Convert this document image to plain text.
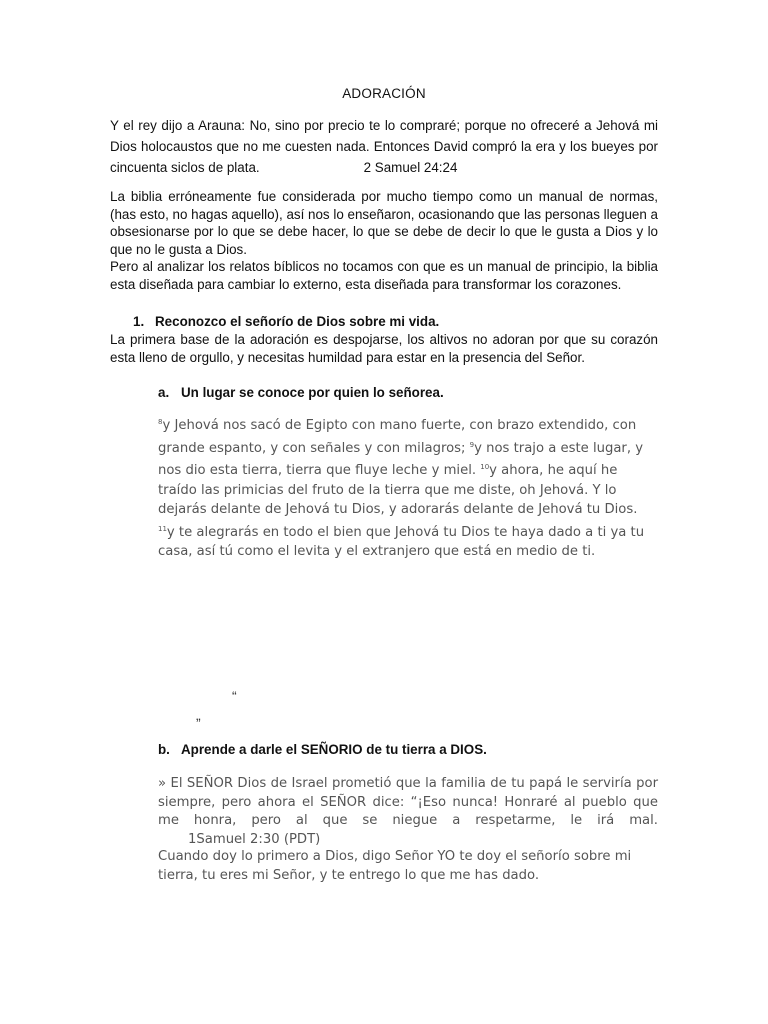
ADORACIÓN
Y el rey dijo a Arauna: No, sino por precio te lo compraré; porque no ofreceré a Jehová mi Dios holocaustos que no me cuesten nada. Entonces David compró la era y los bueyes por cincuenta siclos de plata.	2 Samuel 24:24

La biblia erróneamente fue considerada por mucho tiempo como un manual de normas, (has esto, no hagas aquello), así nos lo enseñaron, ocasionando que las personas lleguen a obsesionarse por lo que se debe hacer, lo que se debe de decir lo que le gusta a Dios y lo que no le gusta a Dios.

Pero al analizar los relatos bíblicos no tocamos con que es un manual de principio, la biblia esta diseñada para cambiar lo externo, esta diseñada para transformar los corazones.

1. Reconozco el señorío de Dios sobre mi vida.
La primera base de la adoración es despojarse, los altivos no adoran por que su corazón esta lleno de orgullo, y necesitas humildad para estar en la presencia del Señor.
a. Un lugar se conoce por quien lo señorea.
$^8$y Jehová nos sacó de Egipto con mano fuerte, con brazo extendido, con grande espanto, y con señales y con milagros; $^9$y nos trajo a este lugar, y nos dio esta tierra, tierra que fluye leche y miel. $^{10}$y ahora, he aquí he traído las primicias del fruto de la tierra que me diste, oh Jehová. Y lo dejarás delante de Jehová tu Dios, y adorarás delante de Jehová tu Dios. $^{11}$y te alegrarás en todo el bien que Jehová tu Dios te haya dado a ti ya tu casa, así tú como el levita y el extranjero que está en medio de ti.
“
„
b. Aprende a darle el SEÑORIO de tu tierra a DIOS.
» El SEÑOR Dios de Israel prometió que la familia de tu papá le serviría por siempre, pero ahora el SEÑOR dice: “¡Eso nunca! Honraré al pueblo que me honra, pero al que se niegue a respetarme, le irá mal.1Samuel 2:30 (PDT)
Cuando doy lo primero a Dios, digo Señor YO te doy el señorío sobre mi tierra, tu eres mi Señor, y te entrego lo que me has dado.
